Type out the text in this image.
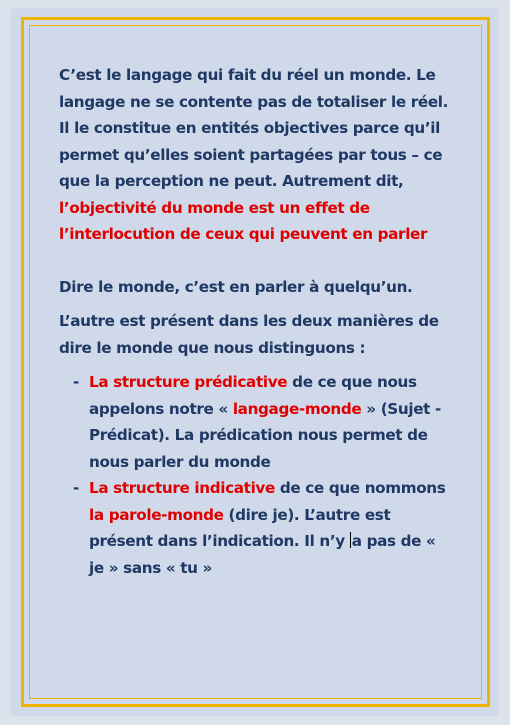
C’est le langage qui fait du réel un monde. Le langage ne se contente pas de totaliser le réel. Il le constitue en entités objectives parce qu’il permet qu’elles soient partagées par tous – ce que la perception ne peut. Autrement dit, l’objectivité du monde est un effet de l’interlocution de ceux qui peuvent en parler

Dire le monde, c’est en parler à quelqu’un.

L’autre est présent dans les deux manières de dire le monde que nous distinguons :

- La structure prédicative de ce que nous appelons notre « langage-monde » (Sujet - Prédicat). La prédication nous permet de nous parler du monde
- La structure indicative de ce que nommons la parole-monde (dire je). L’autre est présent dans l’indication. Il n’y a pas de « je » sans « tu »
